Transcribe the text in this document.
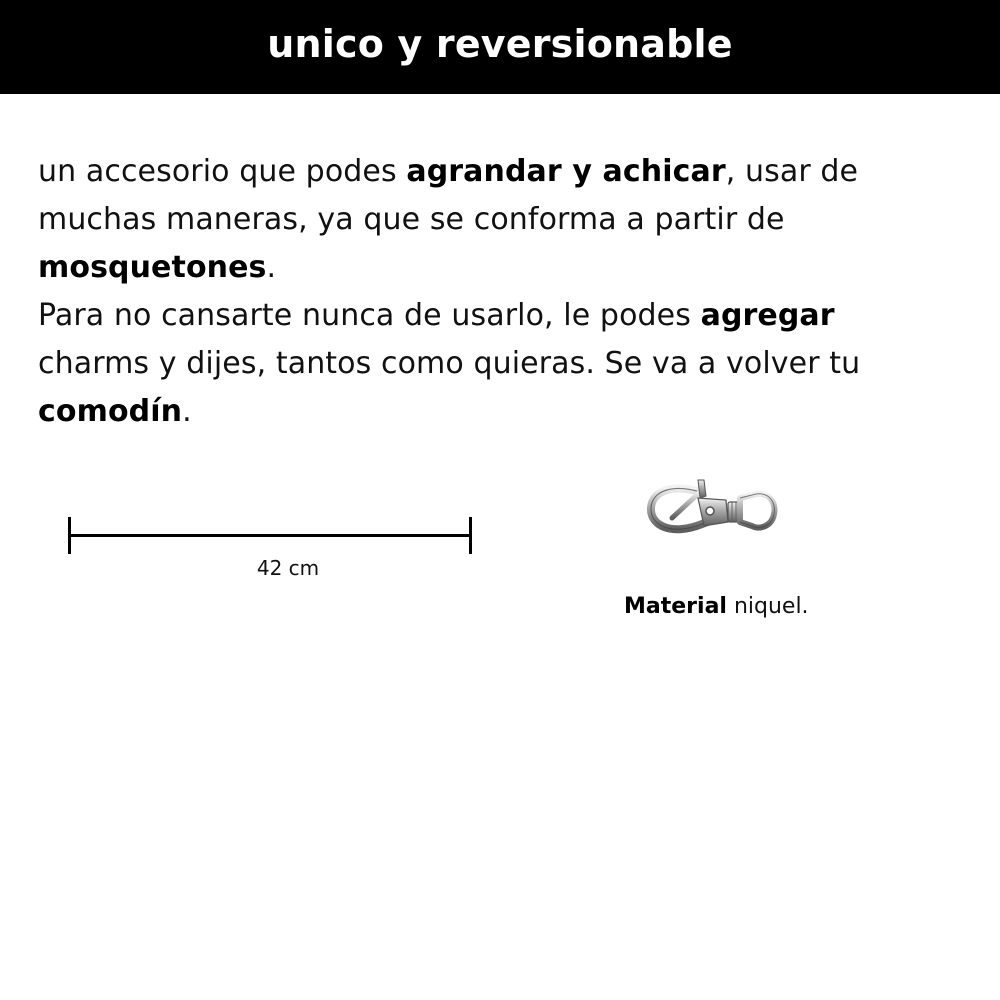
unico y reversionable
un accesorio que podes agrandar y achicar, usar de
muchas maneras, ya que se conforma a partir de
mosquetones.
Para no cansarte nunca de usarlo, le podes agregar
charms y dijes, tantos como quieras. Se va a volver tu
comodín.
42 cm
Material niquel.
